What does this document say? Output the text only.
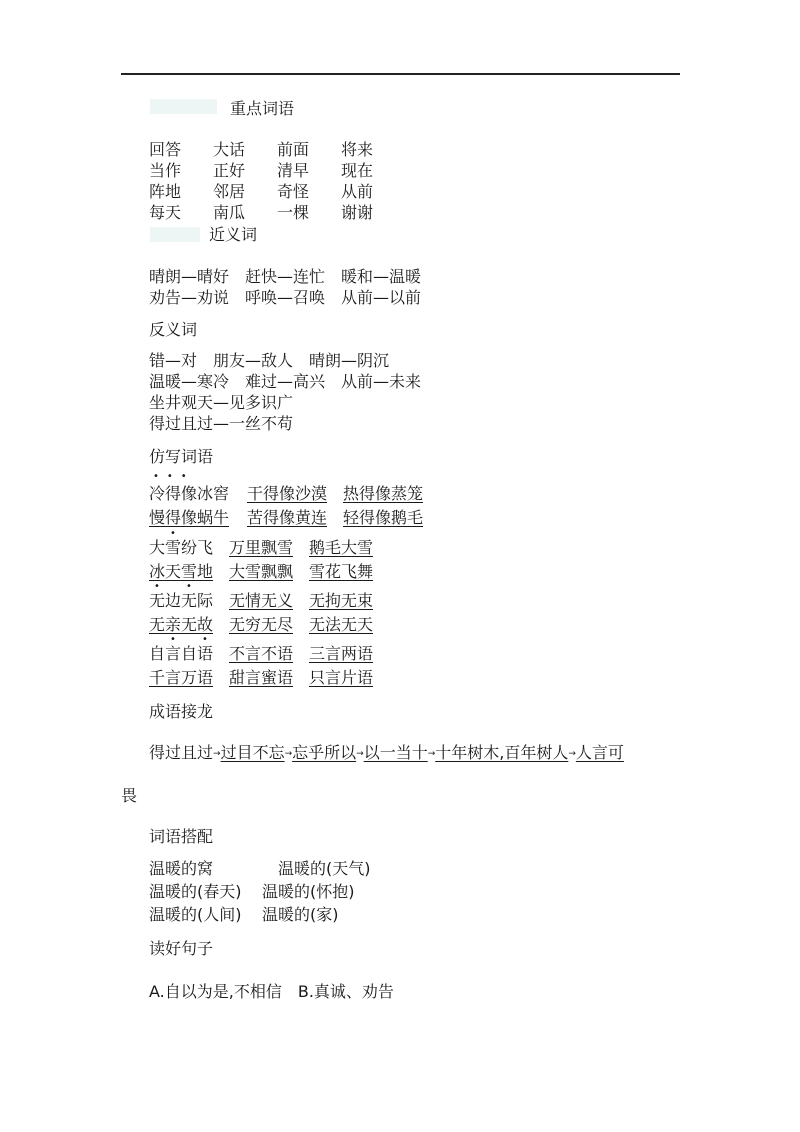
重点词语
回答 大话 前面 将来
当作 正好 清早 现在
阵地 邻居 奇怪 从前
每天 南瓜 一棵 谢谢
近义词
晴朗—晴好　赶快—连忙　暖和—温暖
劝告—劝说　呼唤—召唤　从前—以前
反义词
错—对　朋友—敌人　晴朗—阴沉
温暖—寒冷　难过—高兴　从前—未来
坐井观天—见多识广
得过且过—一丝不苟
仿写词语
•••
冷得像冰窖 干得像沙漠 热得像蒸笼
慢得像蜗牛 苦得像黄连 轻得像鹅毛
•
大雪纷飞 万里飘雪 鹅毛大雪
冰天雪地 大雪飘飘 雪花飞舞
•	•
无边无际 无情无义 无拘无束
无亲无故 无穷无尽 无法无天
•	•
自言自语 不言不语 三言两语
千言万语 甜言蜜语 只言片语
成语接龙
得过且过→过目不忘→忘乎所以→以一当十→十年树木,百年树人→人言可
畏
词语搭配
温暖的窝	温暖的(天气)
温暖的(春天) 温暖的(怀抱)
温暖的(人间) 温暖的(家)
读好句子
A.自以为是,不相信　B.真诚、劝告
